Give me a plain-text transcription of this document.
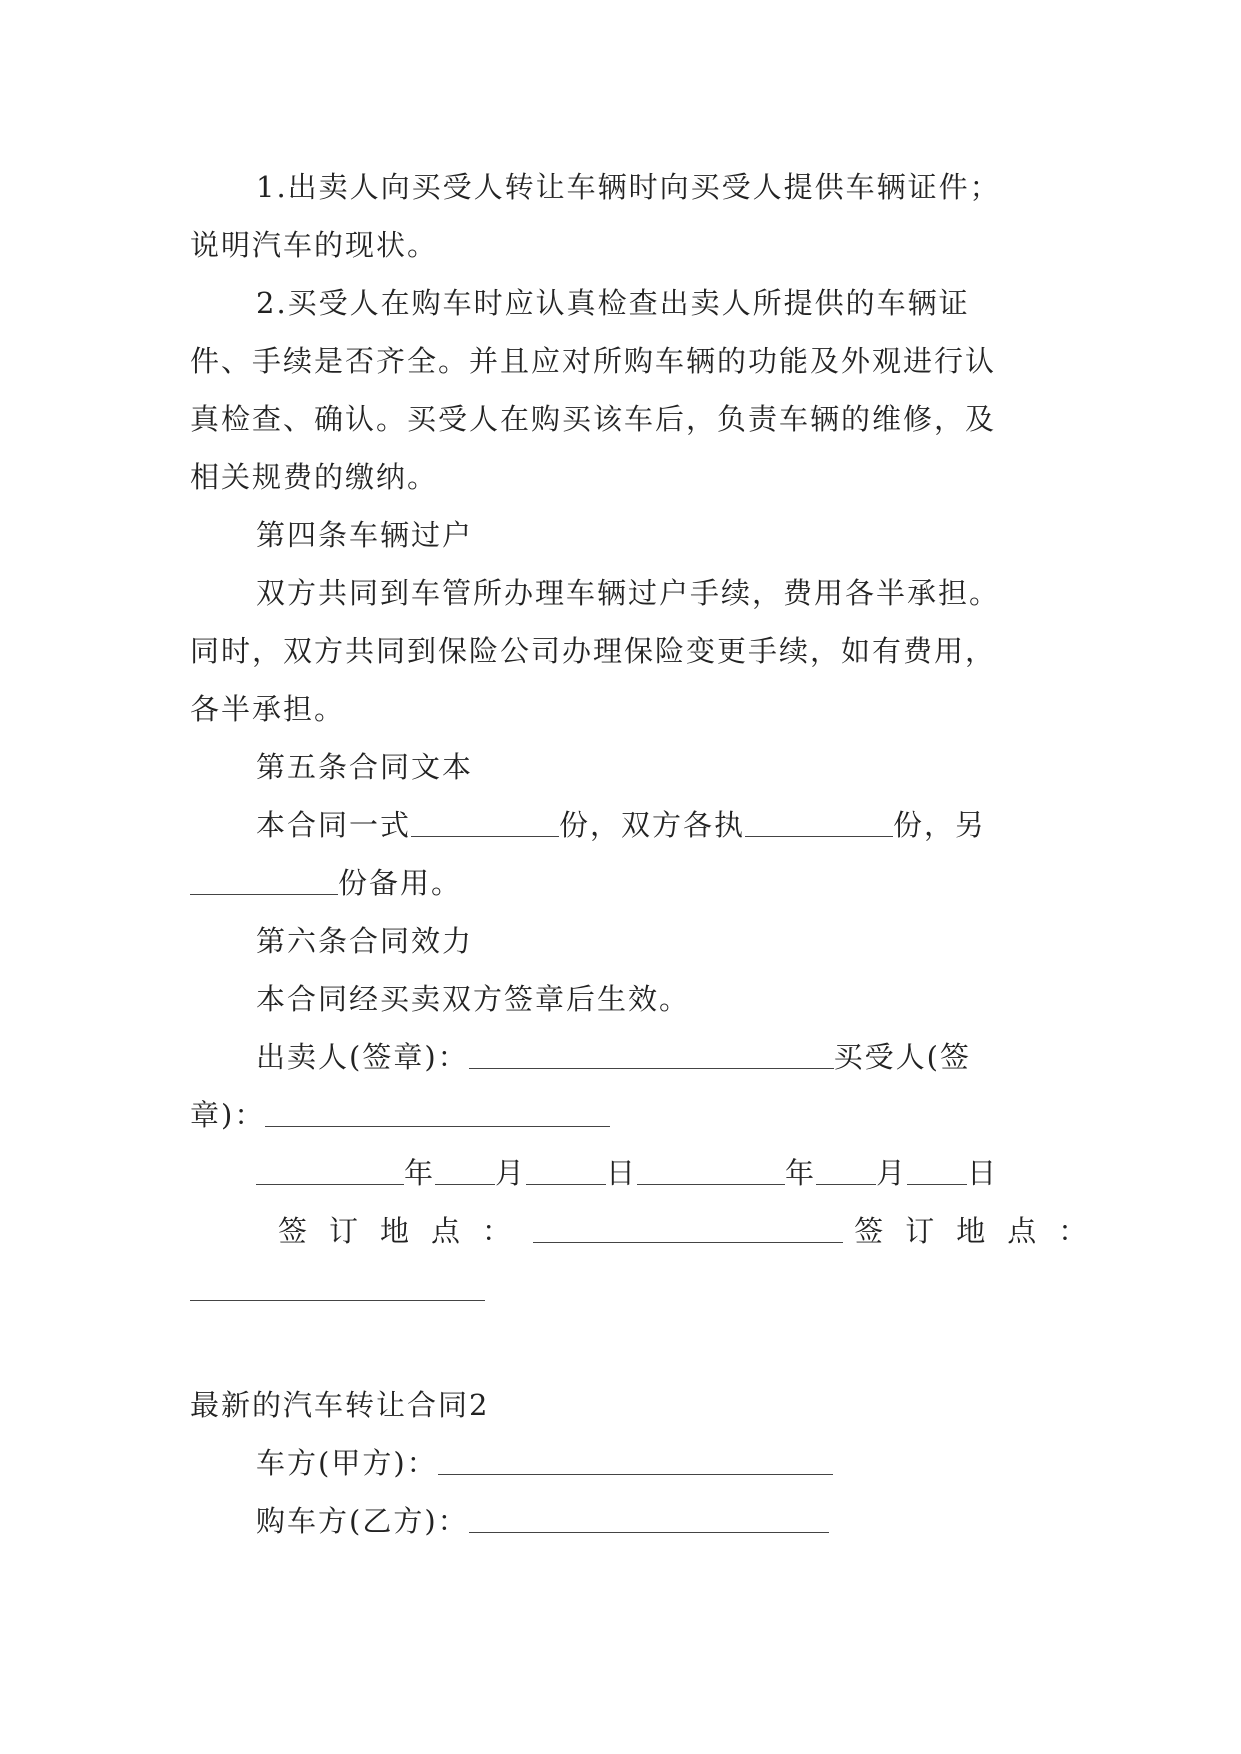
1.出卖人向买受人转让车辆时向买受人提供车辆证件；
说明汽车的现状。
2.买受人在购车时应认真检查出卖人所提供的车辆证
件、手续是否齐全。并且应对所购车辆的功能及外观进行认
真检查、确认。买受人在购买该车后，负责车辆的维修，及
相关规费的缴纳。
第四条车辆过户
双方共同到车管所办理车辆过户手续，费用各半承担。
同时，双方共同到保险公司办理保险变更手续，如有费用，
各半承担。
第五条合同文本
本合同一式	份，双方各执	份，另
份备用。
第六条合同效力
本合同经买卖双方签章后生效。
出卖人(签章)：	买受人(签
章)：
年 月	日	年 月 日
签订地点：	签订地点：
最新的汽车转让合同2
车方(甲方)：
购车方(乙方)：
